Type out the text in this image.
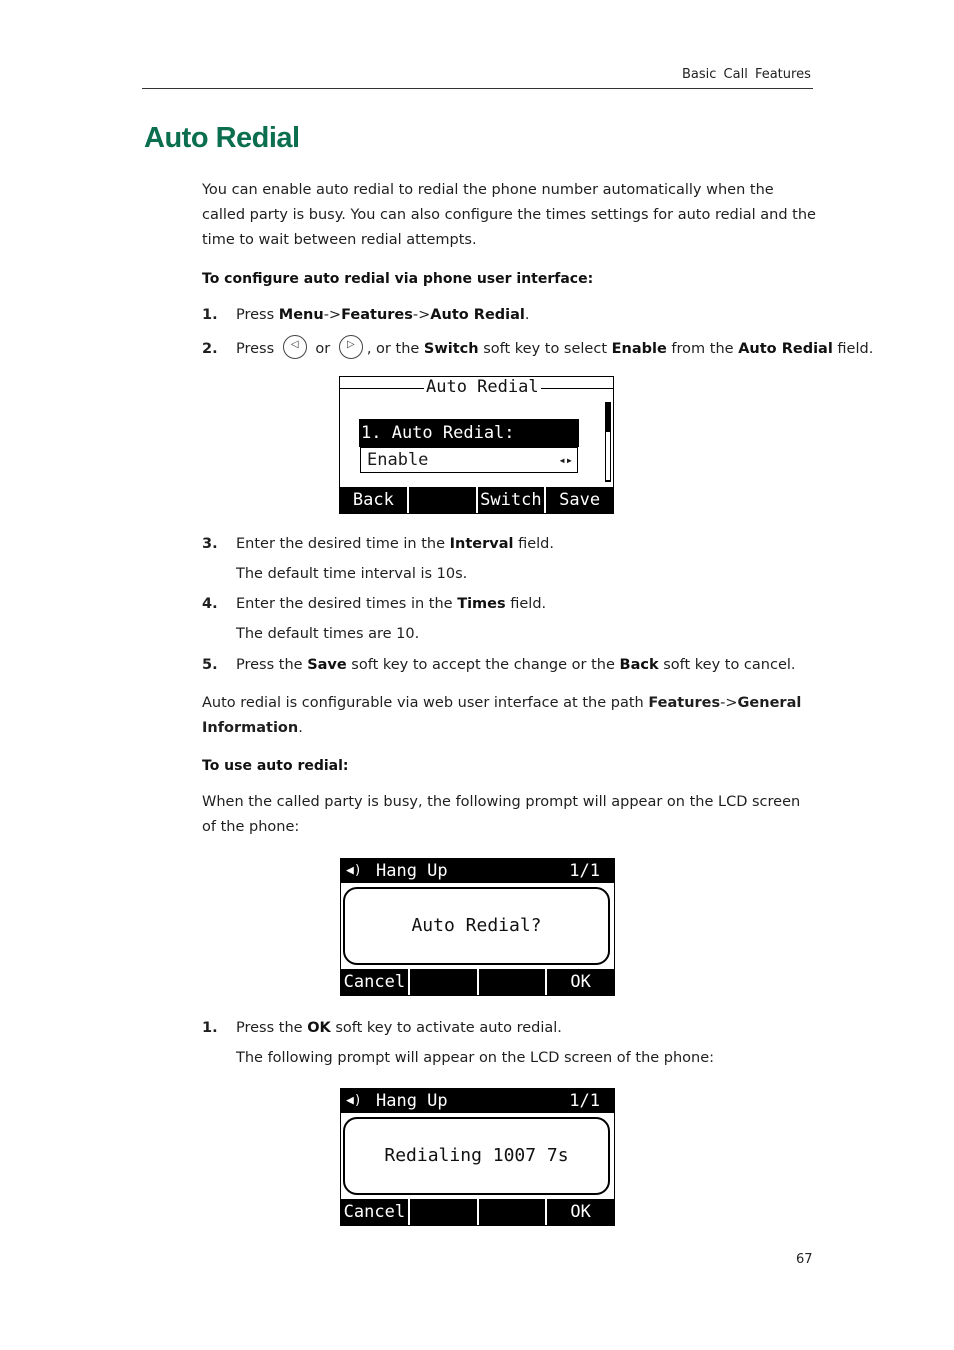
Basic Call Features
Auto Redial
You can enable auto redial to redial the phone number automatically when the called party is busy. You can also configure the times settings for auto redial and the time to wait between redial attempts.
To configure auto redial via phone user interface:
1. Press Menu->Features->Auto Redial.
2. Press	◁	or	▷ , or the Switch soft key to select Enable from the Auto Redial field.
Auto Redial
1. Auto Redial:
Enable	◂▸
Back	Switch	Save
3. Enter the desired time in the Interval field.
The default time interval is 10s.
4. Enter the desired times in the Times field.
The default times are 10.
5. Press the Save soft key to accept the change or the Back soft key to cancel.
Auto redial is configurable via web user interface at the path Features->General Information.
To use auto redial:
When the called party is busy, the following prompt will appear on the LCD screen of the phone:
◀) Hang Up	1/1
Auto Redial?
Cancel	OK
1. Press the OK soft key to activate auto redial.
The following prompt will appear on the LCD screen of the phone:
◀) Hang Up	1/1
Redialing 1007 7s
Cancel	OK
67
